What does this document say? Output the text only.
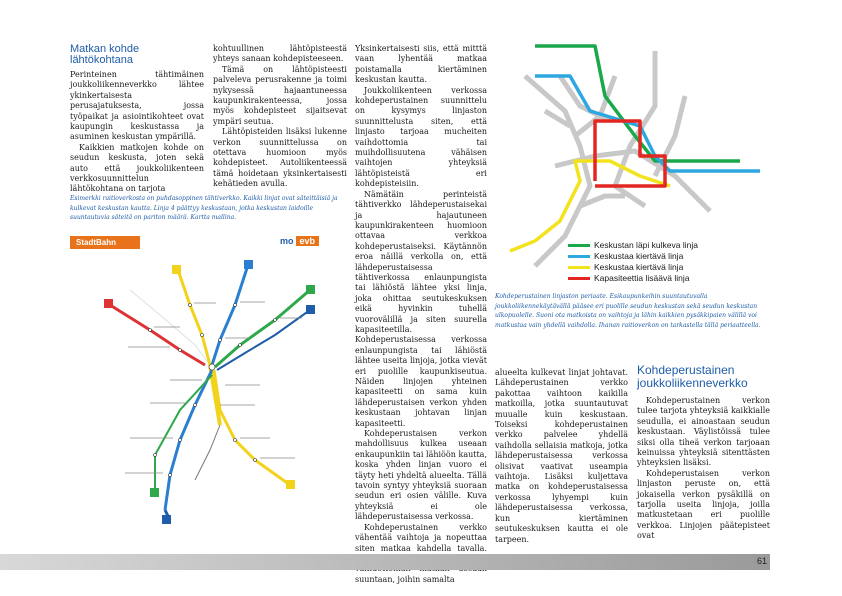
Matkan kohde lähtökohtana

Perinteinen tähtimäinen joukkoliikenneverkko lähtee ykinkertaisesta perusajatuksesta, jossa työpaikat ja asiointikohteet ovat kaupungin keskustassa ja asuminen keskustan ympärillä.

Kaikkien matkojen kohde on seudun keskusta, joten sekä auto että joukkoliikenteen verkkosuunnittelun lähtökohtana on tarjota

kohtuullinen lähtöpisteestä yhteys sanaan kohdepisteeseen.

Tämä on lähtöpisteesti palveleva perusrakenne ja toimi nykysessä hajaantuneessa kaupunkirakenteessa, jossa myös kohdepisteet sijaitsevat ympäri seutua.

Lähtöpisteiden lisäksi lukenne verkon suunnittelussa on otettava huomioon myös kohdepisteet. Autoliikenteessä tämä hoidetaan yksinkertaisesti kehätieden avulla.

Esimerkki raitioverkosta on puhdasoppinen tähtiverkko. Kaikki linjat ovat säteittäisiä ja kulkevat keskustan kautta. Linja 4 päättyy keskustaan, jotka keskustan laidoille suuntautuvia säteitä on pariton määrä. Kartta mallina.
StadtBahn	mo evb

Yksinkertaisesti siis, että mitttä vaan lyhentää matkaa poistamalla kiertäminen keskustan kautta.

Joukkoliikenteen verkossa kohdeperustainen suunnittelu on kysymys linjaston suunnittelusta siten, että linjasto tarjoaa mucheiten vaihdottomia tai muihdollisuutena vähäisen vaihtojen yhteyksiä lähtöpisteistä eri kohdepisteisiin.

Nämätäin perinteistä tähtiverkko lähdeperustaisekai ja hajautuneen kaupunkirakenteen huomioon ottavaa verkkoa kohdeperustaiseksi. Käytännön eroa näillä verkolla on, että lähdeperustaisessa tähtiverkossa enlaunpungista tai lähiöstä lähtee yksi linja, joka ohittaa seutukeskuksen eikä hyvinkin tuhellä vuorovälillä ja siten suurella kapasiteetilla. Kohdeperustaisessa verkossa enlaunpungista tai lähiöstä lähtee useita linjoja, jotka vievät eri puolille kaupunkiseutua. Näiden linjojen yhteinen kapasiteetti on sama kuin lähdeperustaisen verkon yhden keskustaan johtavan linjan kapasiteetti.

Kohdeperustaisen verkon mahdollisuus kulkea useaan enkaupunkiin tai lähiöön kautta, koska yhden linjan vuoro ei täyty heti yhdeltä alueelta. Tällä tavoin syntyy yhteyksiä suoraan seudun eri osien välille. Kuva yhteyksiä ei ole lähdeperustaisessa verkossa.

Kohdeperustainen verkko vähentää vaihtoja ja nopeuttaa siten matkaa kahdella tavalla. suuntaan, joihin samalta

Keskustan läpi kulkeva linja
Keskustaa kiertävä linja
Keskustaa kiertävä linja
Kapasiteettia lisäävä linja
Kohdeperustainen linjaston periaate. Esikaupunkeihin suuntautuvalla joukkoliikennekäytävällä pääsee eri puolille seudun keskustan sekä seudun keskustan ulkopuolelle. Suoni ota matkoista on vaihtoja ja lähin kaikkien pysäkkipaien välillä voi matkustaa vain yhdellä vaihdolla. Ihanan raitioverkon on tarkastella tällä periaatteella.

alueelta kulkevat linjat johtavat. Lähdeperustainen verkko pakottaa vaihtoon kaikilla matkoilla, jotka suuntautuvat muualle kuin keskustaan. Toiseksi kohdeperustainen verkko palvelee yhdellä vaihdolla sellaisia matkoja, jotka lähdeperustaisessa verkossa olisivat vaativat useampia vaihtoja. Lisäksi kuljettava matka on kohdeperustaisessa verkossa lyhyempi kuin lähdeperustaisessa verkossa, kun kiertäminen seutukeskuksen kautta ei ole tarpeen.

Kohdeperustainen joukkoliikenneverkko

Kohdeperustainen verkon tulee tarjota yhteyksiä kaikkialle seudulla, ei ainoastaan seudun keskustaan. Väylistöissä tulee siksi olla tiheä verkon tarjoaan keinuissa yhteyksiä sitenttästen yhteyksien lisäksi.

Kohdeperustaisen verkon linjaston peruste on, että jokaisella verkon pysäkillä on tarjolla useita linjoja, joilla matkustetaan eri puolille verkkoa. Linjojen päätepisteet ovat

61
